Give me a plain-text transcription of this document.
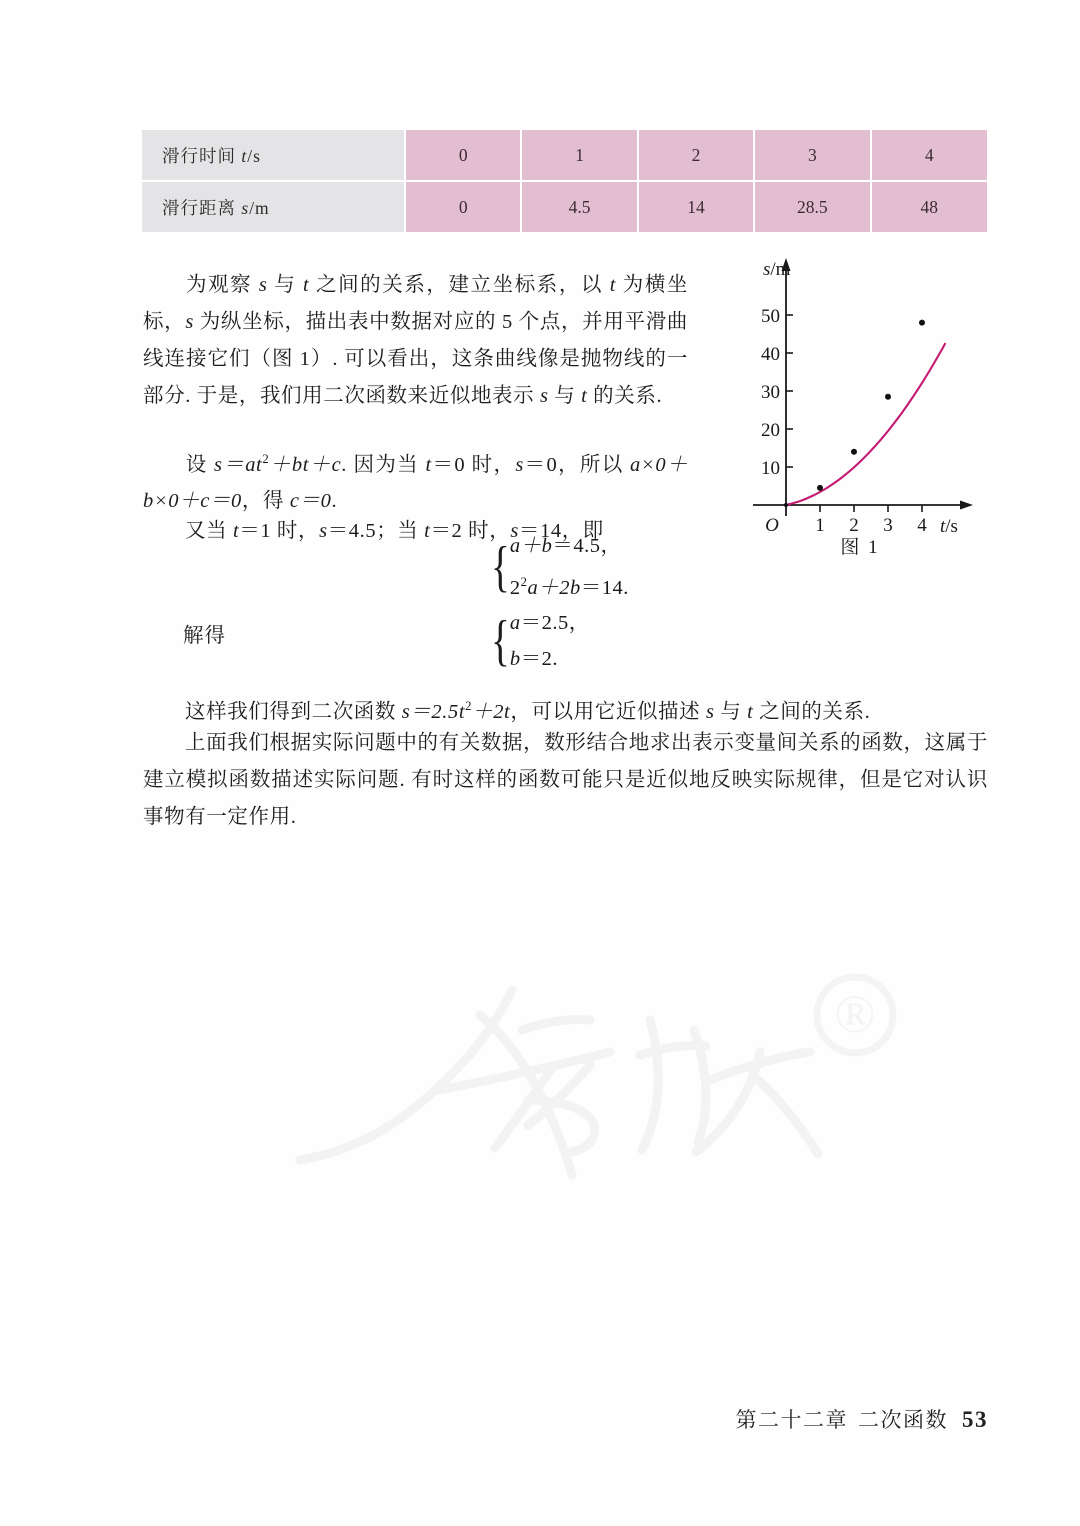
®
滑行时间 t/s	0	1	2	3	4
滑行距离 s/m	0	4.5	14	28.5	48

为观察 s 与 t 之间的关系，建立坐标系，以 t 为横坐标，s 为纵坐标，描出表中数据对应的 5 个点，并用平滑曲线连接它们（图 1）. 可以看出，这条曲线像是抛物线的一部分. 于是，我们用二次函数来近似地表示 s 与 t 的关系.

设 $s=at^2+bt+c$. 因为当 t＝0 时，s＝0，所以 a×0＋b×0＋c＝0，得 c＝0.

又当 t＝1 时，s＝4.5；当 t＝2 时，s＝14，即

{ a＋b＝4.5，
$2^2a+2b=14$.
解得	{ a＝2.5，
b＝2.

这样我们得到二次函数 $s=2.5t^2+2t$，可以用它近似描述 s 与 t 之间的关系.

上面我们根据实际问题中的有关数据，数形结合地求出表示变量间关系的函数，这属于建立模拟函数描述实际问题. 有时这样的函数可能只是近似地反映实际规律，但是它对认识事物有一定作用.

10
20
30
40
50
1 2 3 4
O
s/m
t/s
图 1
第二十二章 二次函数 53
